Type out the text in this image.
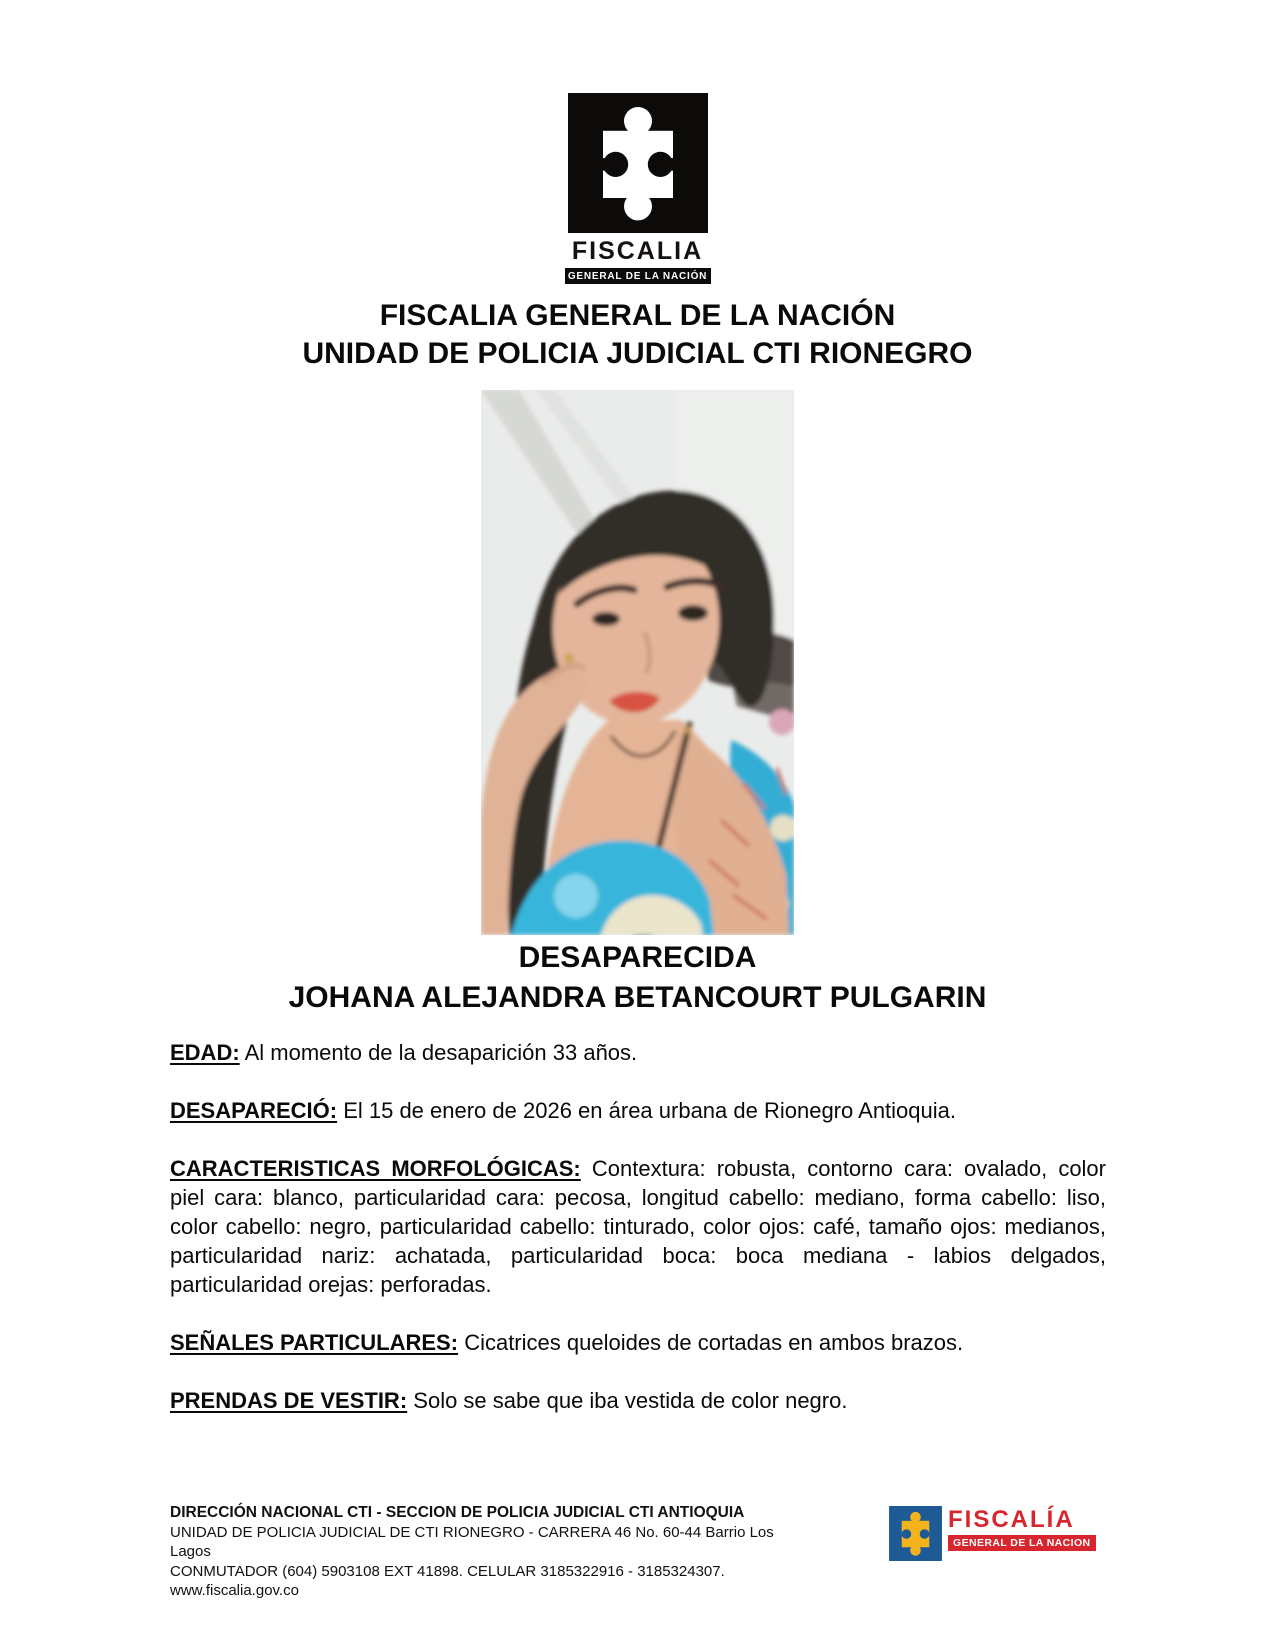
FISCALIA
GENERAL DE LA NACIÓN
FISCALIA GENERAL DE LA NACIÓN
UNIDAD DE POLICIA JUDICIAL CTI RIONEGRO
DESAPARECIDA
JOHANA ALEJANDRA BETANCOURT PULGARIN

EDAD: Al momento de la desaparición 33 años.

DESAPARECIÓ: El 15 de enero de 2026 en área urbana de Rionegro Antioquia.

CARACTERISTICAS MORFOLÓGICAS: Contextura: robusta, contorno cara: ovalado, color piel cara: blanco, particularidad cara: pecosa, longitud cabello: mediano, forma cabello: liso, color cabello: negro, particularidad cabello: tinturado, color ojos: café, tamaño ojos: medianos, particularidad nariz: achatada, particularidad boca: boca mediana - labios delgados, particularidad orejas: perforadas.

SEÑALES PARTICULARES: Cicatrices queloides de cortadas en ambos brazos.

PRENDAS DE VESTIR: Solo se sabe que iba vestida de color negro.

DIRECCIÓN NACIONAL CTI - SECCION DE POLICIA JUDICIAL CTI ANTIOQUIA
UNIDAD DE POLICIA JUDICIAL DE CTI RIONEGRO - CARRERA 46 No. 60-44 Barrio Los Lagos
CONMUTADOR (604) 5903108 EXT 41898. CELULAR 3185322916 - 3185324307.
www.fiscalia.gov.co
FISCALÍA
GENERAL DE LA NACION
